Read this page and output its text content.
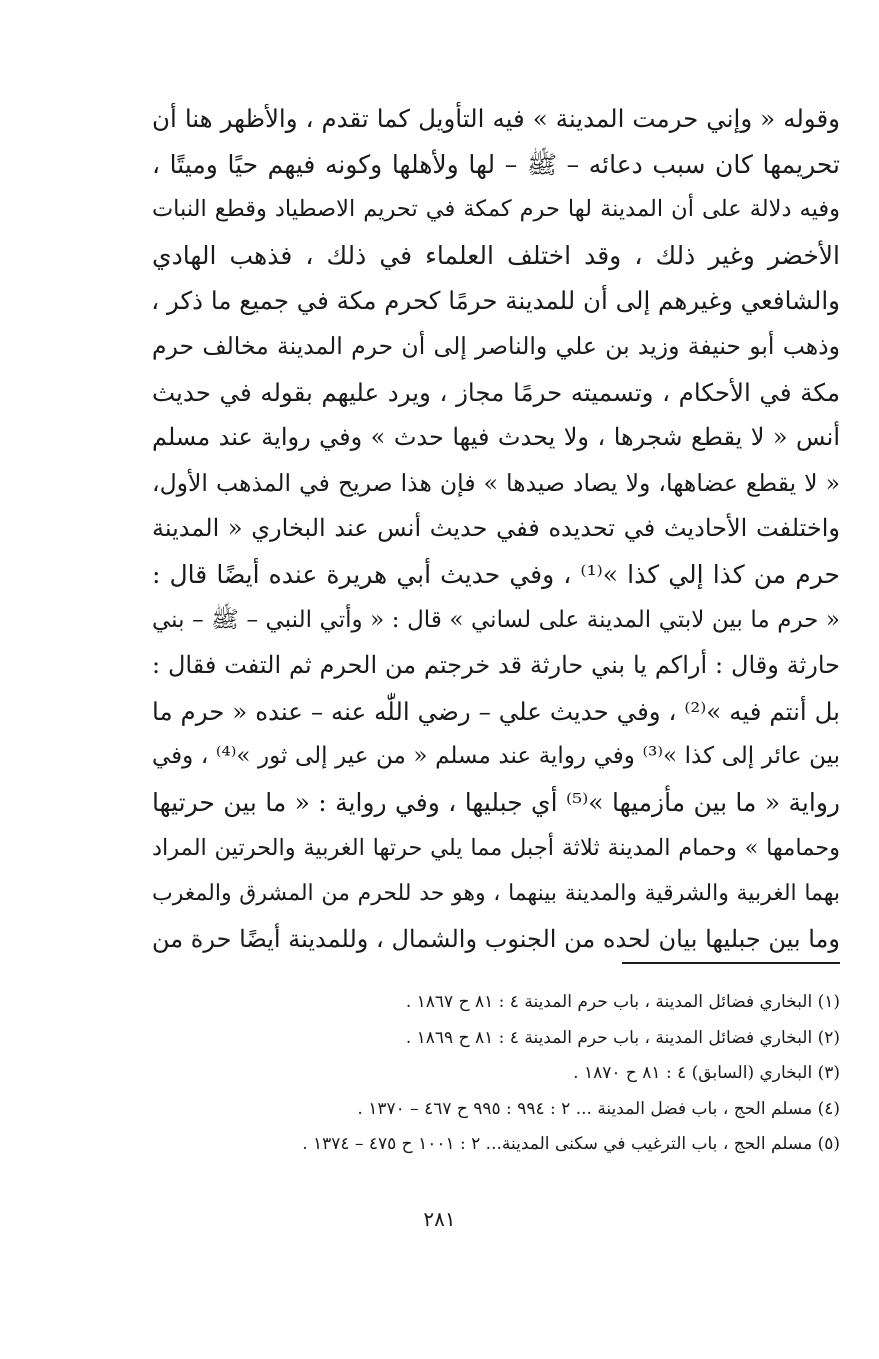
وقوله « وإني حرمت المدينة » فيه التأويل كما تقدم ، والأظهر هنا أن
تحريمها كان سبب دعائه – ﷺ – لها ولأهلها وكونه فيهم حيًا وميتًا ،
وفيه دلالة على أن المدينة لها حرم كمكة في تحريم الاصطياد وقطع النبات
الأخضر وغير ذلك ، وقد اختلف العلماء في ذلك ، فذهب الهادي
والشافعي وغيرهم إلى أن للمدينة حرمًا كحرم مكة في جميع ما ذكر ،
وذهب أبو حنيفة وزيد بن علي والناصر إلى أن حرم المدينة مخالف حرم
مكة في الأحكام ، وتسميته حرمًا مجاز ، ويرد عليهم بقوله في حديث
أنس « لا يقطع شجرها ، ولا يحدث فيها حدث » وفي رواية عند مسلم
« لا يقطع عضاهها، ولا يصاد صيدها » فإن هذا صريح في المذهب الأول،
واختلفت الأحاديث في تحديده ففي حديث أنس عند البخاري « المدينة
حرم من كذا إلي كذا »⁽¹⁾ ، وفي حديث أبي هريرة عنده أيضًا قال :
« حرم ما بين لابتي المدينة على لساني » قال : « وأتي النبي – ﷺ – بني
حارثة وقال : أراكم يا بني حارثة قد خرجتم من الحرم ثم التفت فقال :
بل أنتم فيه »⁽²⁾ ، وفي حديث علي – رضي اللّٰه عنه – عنده « حرم ما
بين عائر إلى كذا »⁽³⁾ وفي رواية عند مسلم « من عير إلى ثور »⁽⁴⁾ ، وفي
رواية « ما بين مأزميها »⁽⁵⁾ أي جبليها ، وفي رواية : « ما بين حرتيها
وحمامها » وحمام المدينة ثلاثة أجبل مما يلي حرتها الغربية والحرتين المراد
بهما الغربية والشرقية والمدينة بينهما ، وهو حد للحرم من المشرق والمغرب
وما بين جبليها بيان لحده من الجنوب والشمال ، وللمدينة أيضًا حرة من
(١) البخاري فضائل المدينة ، باب حرم المدينة ٤ : ٨١ ح ١٨٦٧ .
(٢) البخاري فضائل المدينة ، باب حرم المدينة ٤ : ٨١ ح ١٨٦٩ .
(٣) البخاري (السابق) ٤ : ٨١ ح ١٨٧٠ .
(٤) مسلم الحج ، باب فضل المدينة ... ٢ : ٩٩٤ : ٩٩٥ ح ٤٦٧ – ١٣٧٠ .
(٥) مسلم الحج ، باب الترغيب في سكنى المدينة... ٢ : ١٠٠١ ح ٤٧٥ – ١٣٧٤ .
٢٨١
